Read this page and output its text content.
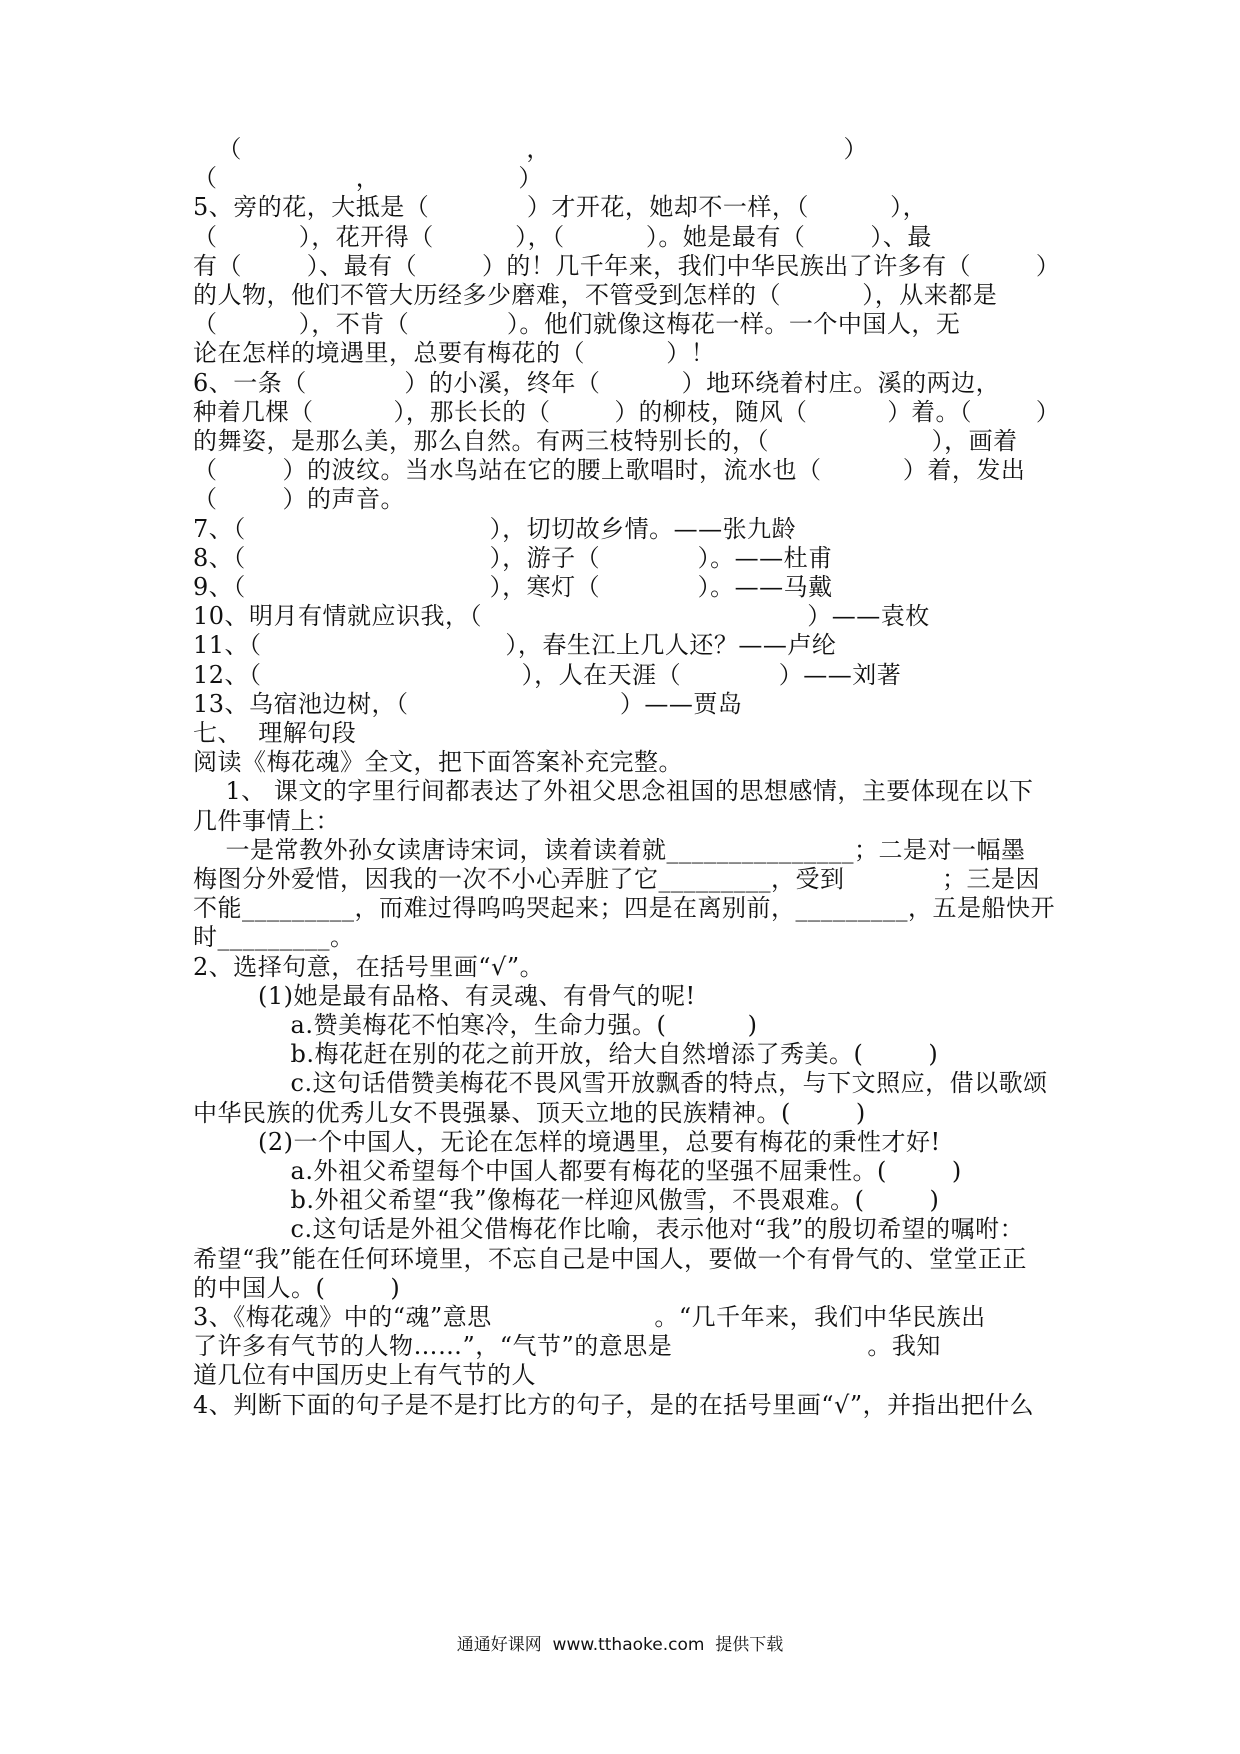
（                                   ，                                    ）
（                 ，                 ）
5、旁的花，大抵是（            ）才开花，她却不一样，（          ），
（          ），花开得（          ），（          ）。她是最有（        ）、最
有（        ）、最有（        ）的！几千年来，我们中华民族出了许多有（        ）
的人物，他们不管大历经多少磨难，不管受到怎样的（          ），从来都是
（          ），不肯（            ）。他们就像这梅花一样。一个中国人，无
论在怎样的境遇里，总要有梅花的（          ）！
6、一条（            ）的小溪，终年（          ）地环绕着村庄。溪的两边，
种着几棵（          ），那长长的（        ）的柳枝，随风（          ）着。（        ）
的舞姿，是那么美，那么自然。有两三枝特别长的，（                    ），画着
（        ）的波纹。当水鸟站在它的腰上歌唱时，流水也（          ）着，发出
（        ）的声音。
7、（                              ），切切故乡情。——张九龄
8、（                              ），游子（            ）。——杜甫
9、（                              ），寒灯（            ）。——马戴
10、明月有情就应识我，（                                        ）——袁枚
11、（                              ），春生江上几人还？——卢纶
12、（                                ），人在天涯（            ）——刘著
13、乌宿池边树，（                          ）——贾岛
七、  理解句段
阅读《梅花魂》全文，把下面答案补充完整。
1、 课文的字里行间都表达了外祖父思念祖国的思想感情，主要体现在以下
几件事情上：
一是常教外孙女读唐诗宋词，读着读着就_______________；二是对一幅墨
梅图分外爱惜，因我的一次不小心弄脏了它_________，受到            ；三是因
不能_________，而难过得呜呜哭起来；四是在离别前，_________，五是船快开
时_________。
2、选择句意，在括号里画“√”。
(1)她是最有品格、有灵魂、有骨气的呢!
a.赞美梅花不怕寒冷，生命力强。(          )
b.梅花赶在别的花之前开放，给大自然增添了秀美。(        )
c.这句话借赞美梅花不畏风雪开放飘香的特点，与下文照应，借以歌颂
中华民族的优秀儿女不畏强暴、顶天立地的民族精神。(        )
(2)一个中国人，无论在怎样的境遇里，总要有梅花的秉性才好!
a.外祖父希望每个中国人都要有梅花的坚强不屈秉性。(        )
b.外祖父希望“我”像梅花一样迎风傲雪，不畏艰难。(        )
c.这句话是外祖父借梅花作比喻，表示他对“我”的殷切希望的嘱咐：
希望“我”能在任何环境里，不忘自己是中国人，要做一个有骨气的、堂堂正正
的中国人。(        )
3、《梅花魂》中的“魂”意思                    。“几千年来，我们中华民族出
了许多有气节的人物……”，“气节”的意思是                        。我知
道几位有中国历史上有气节的人
4、判断下面的句子是不是打比方的句子，是的在括号里画“√”，并指出把什么
通通好课网  www.tthaoke.com  提供下载
